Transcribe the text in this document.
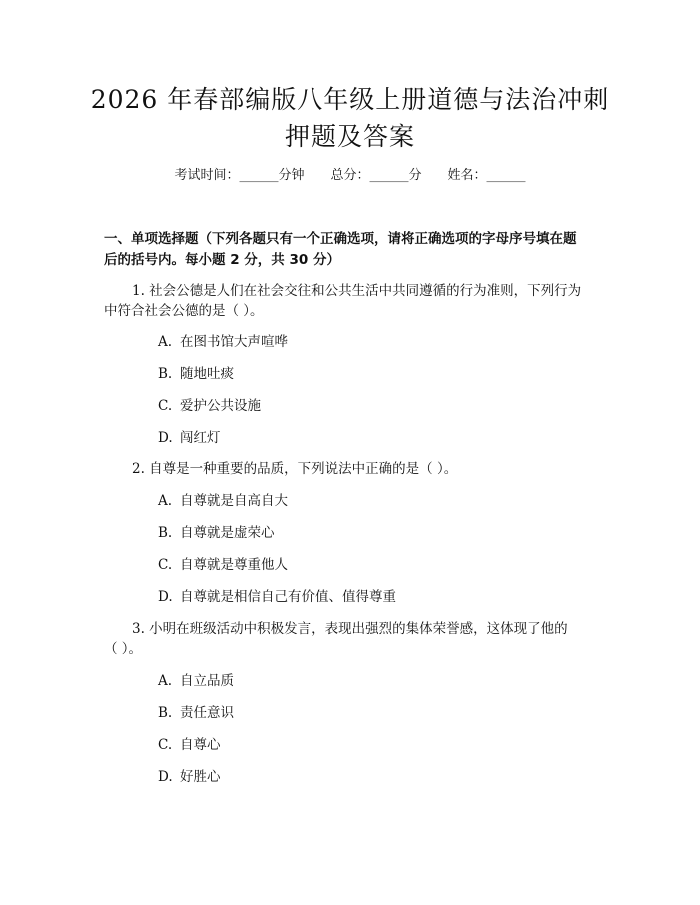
2026 年春部编版八年级上册道德与法治冲刺
押题及答案
考试时间：______分钟 总分：______分 姓名：______
一、单项选择题（下列各题只有一个正确选项，请将正确选项的字母序号填在题
后的括号内。每小题 2 分，共 30 分）
1. 社会公德是人们在社会交往和公共生活中共同遵循的行为准则，下列行为
中符合社会公德的是（ ）。
A. 在图书馆大声喧哗
B. 随地吐痰
C. 爱护公共设施
D. 闯红灯
2. 自尊是一种重要的品质，下列说法中正确的是（ ）。
A. 自尊就是自高自大
B. 自尊就是虚荣心
C. 自尊就是尊重他人
D. 自尊就是相信自己有价值、值得尊重
3. 小明在班级活动中积极发言，表现出强烈的集体荣誉感，这体现了他的
（ ）。
A. 自立品质
B. 责任意识
C. 自尊心
D. 好胜心
